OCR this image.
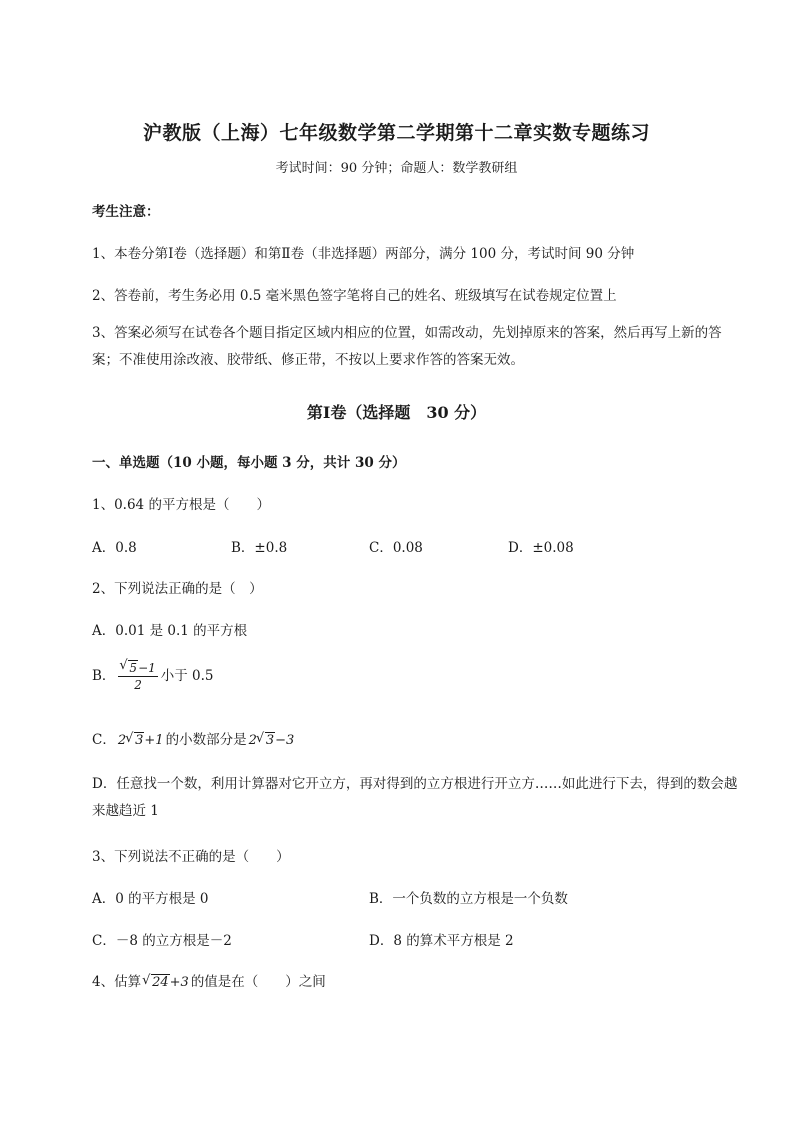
沪教版（上海）七年级数学第二学期第十二章实数专题练习
考试时间：90 分钟；命题人：数学教研组
考生注意：
1、本卷分第Ⅰ卷（选择题）和第Ⅱ卷（非选择题）两部分，满分 100 分，考试时间 90 分钟
2、答卷前，考生务必用 0.5 毫米黑色签字笔将自己的姓名、班级填写在试卷规定位置上
3、答案必须写在试卷各个题目指定区域内相应的位置，如需改动，先划掉原来的答案，然后再写上新的答案；不准使用涂改液、胶带纸、修正带，不按以上要求作答的答案无效。
第Ⅰ卷（选择题　30 分）
一、单选题（10 小题，每小题 3 分，共计 30 分）
1、0.64 的平方根是（　　）
A．0.8	B．±0.8	C．0.08	D．±0.08
2、下列说法正确的是（　）
A．0.01 是 0.1 的平方根
B． √ $\frac{5-1}{2}$ 小于 0.5
C． 2 √ 3+1 的小数部分是 2 √ 3−3
D．任意找一个数，利用计算器对它开立方，再对得到的立方根进行开立方……如此进行下去，得到的数会越来越趋近 1
3、下列说法不正确的是（　　）
A．0 的平方根是 0	B．一个负数的立方根是一个负数
C．－8 的立方根是－2	D．8 的算术平方根是 2
4、估算 √ 24+3 的值是在（　　）之间
